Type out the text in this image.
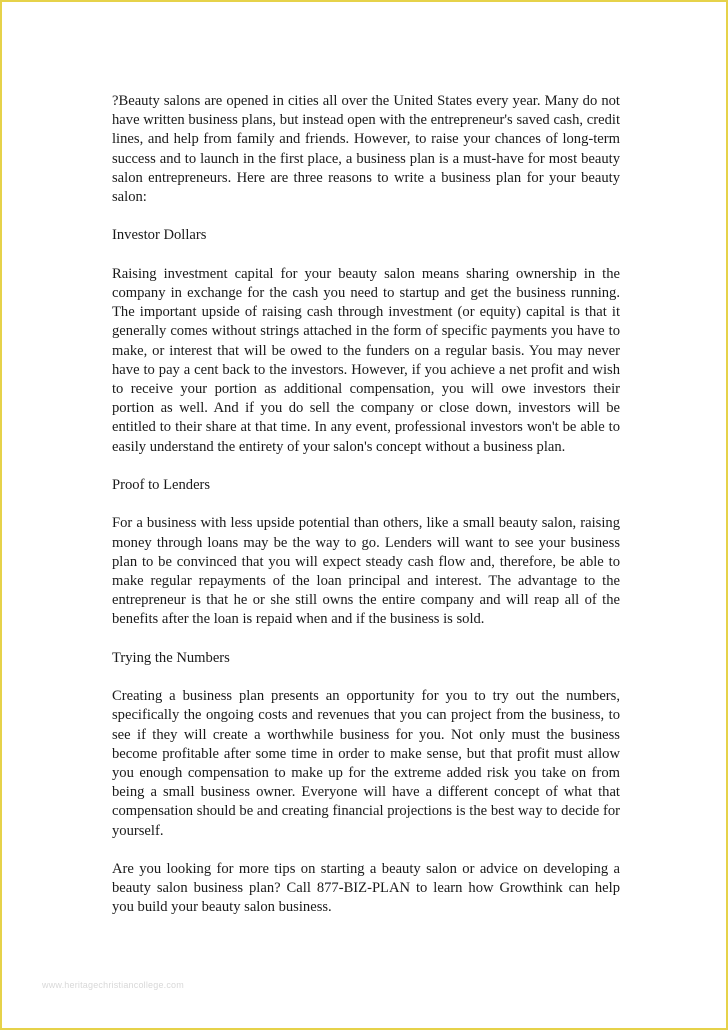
?Beauty salons are opened in cities all over the United States every year. Many do not have written business plans, but instead open with the entrepreneur's saved cash, credit lines, and help from family and friends. However, to raise your chances of long-term success and to launch in the first place, a business plan is a must-have for most beauty salon entrepreneurs. Here are three reasons to write a business plan for your beauty salon:

Investor Dollars

Raising investment capital for your beauty salon means sharing ownership in the company in exchange for the cash you need to startup and get the business running. The important upside of raising cash through investment (or equity) capital is that it generally comes without strings attached in the form of specific payments you have to make, or interest that will be owed to the funders on a regular basis. You may never have to pay a cent back to the investors. However, if you achieve a net profit and wish to receive your portion as additional compensation, you will owe investors their portion as well. And if you do sell the company or close down, investors will be entitled to their share at that time. In any event, professional investors won't be able to easily understand the entirety of your salon's concept without a business plan.

Proof to Lenders

For a business with less upside potential than others, like a small beauty salon, raising money through loans may be the way to go. Lenders will want to see your business plan to be convinced that you will expect steady cash flow and, therefore, be able to make regular repayments of the loan principal and interest. The advantage to the entrepreneur is that he or she still owns the entire company and will reap all of the benefits after the loan is repaid when and if the business is sold.

Trying the Numbers

Creating a business plan presents an opportunity for you to try out the numbers, specifically the ongoing costs and revenues that you can project from the business, to see if they will create a worthwhile business for you. Not only must the business become profitable after some time in order to make sense, but that profit must allow you enough compensation to make up for the extreme added risk you take on from being a small business owner. Everyone will have a different concept of what that compensation should be and creating financial projections is the best way to decide for yourself.

Are you looking for more tips on starting a beauty salon or advice on developing a beauty salon business plan? Call 877-BIZ-PLAN to learn how Growthink can help you build your beauty salon business.

www.heritagechristiancollege.com
